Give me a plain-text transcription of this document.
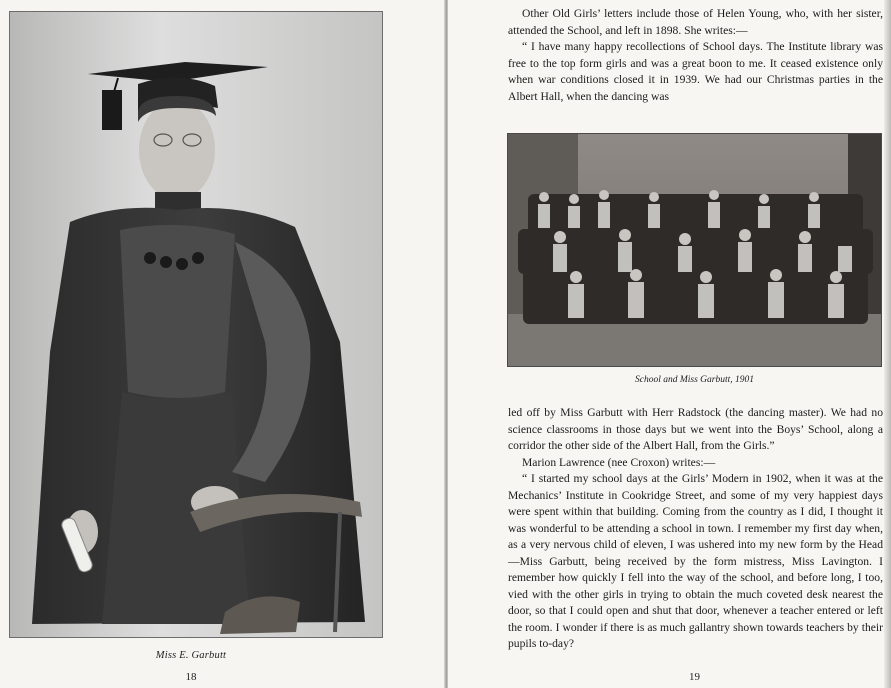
Miss E. Garbutt
18

Other Old Girls’ letters include those of Helen Young, who, with her sister, attended the School, and left in 1898. She writes:—

“ I have many happy recollections of School days. The Institute library was free to the top form girls and was a great boon to me. It ceased existence only when war conditions closed it in 1939. We had our Christmas parties in the Albert Hall, when the dancing was

School and Miss Garbutt, 1901

led off by Miss Garbutt with Herr Radstock (the dancing master). We had no science classrooms in those days but we went into the Boys’ School, along a corridor the other side of the Albert Hall, from the Girls.”

Marion Lawrence (nee Croxon) writes:—

“ I started my school days at the Girls’ Modern in 1902, when it was at the Mechanics’ Institute in Cookridge Street, and some of my very happiest days were spent within that building. Coming from the country as I did, I thought it was wonderful to be attending a school in town. I remember my first day when, as a very nervous child of eleven, I was ushered into my new form by the Head—Miss Garbutt, being received by the form mistress, Miss Lavington. I remember how quickly I fell into the way of the school, and before long, I too, vied with the other girls in trying to obtain the much coveted desk nearest the door, so that I could open and shut that door, whenever a teacher entered or left the room. I wonder if there is as much gallantry shown towards teachers by their pupils to-day?

19
